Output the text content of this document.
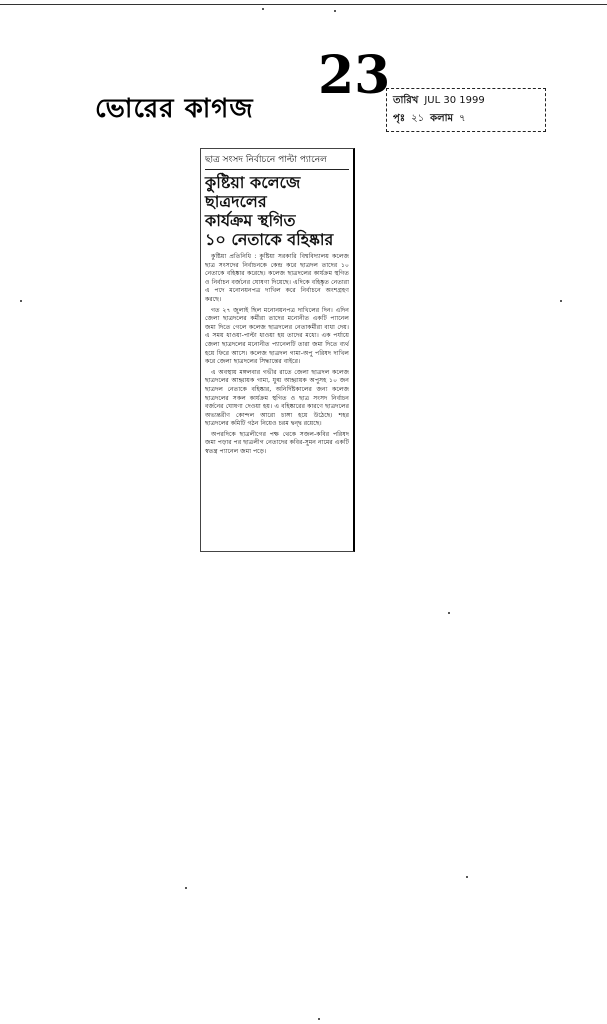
ভোরের কাগজ
23 তারিখ JUL 30 1999
পৃঃ ২১ কলাম ৭
ছাত্র সংসদ নির্বাচনে পাল্টা প্যানেল
কুষ্টিয়া কলেজে ছাত্রদলের
কার্যক্রম স্থগিত
১০ নেতাকে বহিষ্কার

কুষ্টিয়া প্রতিনিধি : কুষ্টিয়া সরকারি বিশ্ববিদ্যালয় কলেজ ছাত্র সংসদের নির্বাচনকে কেন্দ্র করে ছাত্রদল তাদের ১০ নেতাকে বহিষ্কার করেছে। কলেজ ছাত্রদলের কার্যক্রম স্থগিত ও নির্বাচন বর্জনের ঘোষণা দিয়েছে। এদিকে বহিষ্কৃত নেতারা এ পদে মনোনয়নপত্র দাখিল করে নির্বাচনে অংশগ্রহণ করছে।

গত ২৭ জুলাই ছিল মনোনয়নপত্র দাখিলের দিন। এদিন জেলা ছাত্রদলের কর্মীরা তাদের মনোনীত একটি প্যানেল জমা দিতে গেলে কলেজ ছাত্রদলের নেতাকর্মীরা বাধা দেয়। এ সময় ধাওয়া-পাল্টা ধাওয়া হয় তাদের মধ্যে। এক পর্যায়ে জেলা ছাত্রদলের মনোনীত প্যানেলটি তারা জমা দিতে ব্যর্থ হয়ে ফিরে আসে। কলেজ ছাত্রদল গামা-অপু পরিষদ দাখিল করে জেলা ছাত্রদলের সিদ্ধান্তের বাইরে।

এ অবস্থায় মঙ্গলবার গভীর রাতে জেলা ছাত্রদল কলেজ ছাত্রদলের আহ্বায়ক গামা, যুগ্ম আহ্বায়ক অপুসহ ১০ জন ছাত্রদল নেতাকে বহিষ্কার, অনির্দিষ্টকালের জন্য কলেজ ছাত্রদলের সকল কার্যক্রম স্থগিত ও ছাত্র সংসদ নির্বাচন বর্জনের ঘোষণা দেওয়া হয়। এ বহিষ্কারের কারণে ছাত্রদলের অভ্যন্তরীণ কোন্দল আরো চাঙ্গা হয়ে উঠেছে। শহর ছাত্রদলের কমিটি গঠন নিয়েও চরম দ্বন্দ্ব রয়েছে।

অপরদিকে ছাত্রলীগের পক্ষ থেকে সজল-কবির পরিষদ জমা পড়ার পর ছাত্রলীগ নেতাদের কবির-সুমন নামের একটি স্বতন্ত্র প্যানেল জমা পড়ে।
